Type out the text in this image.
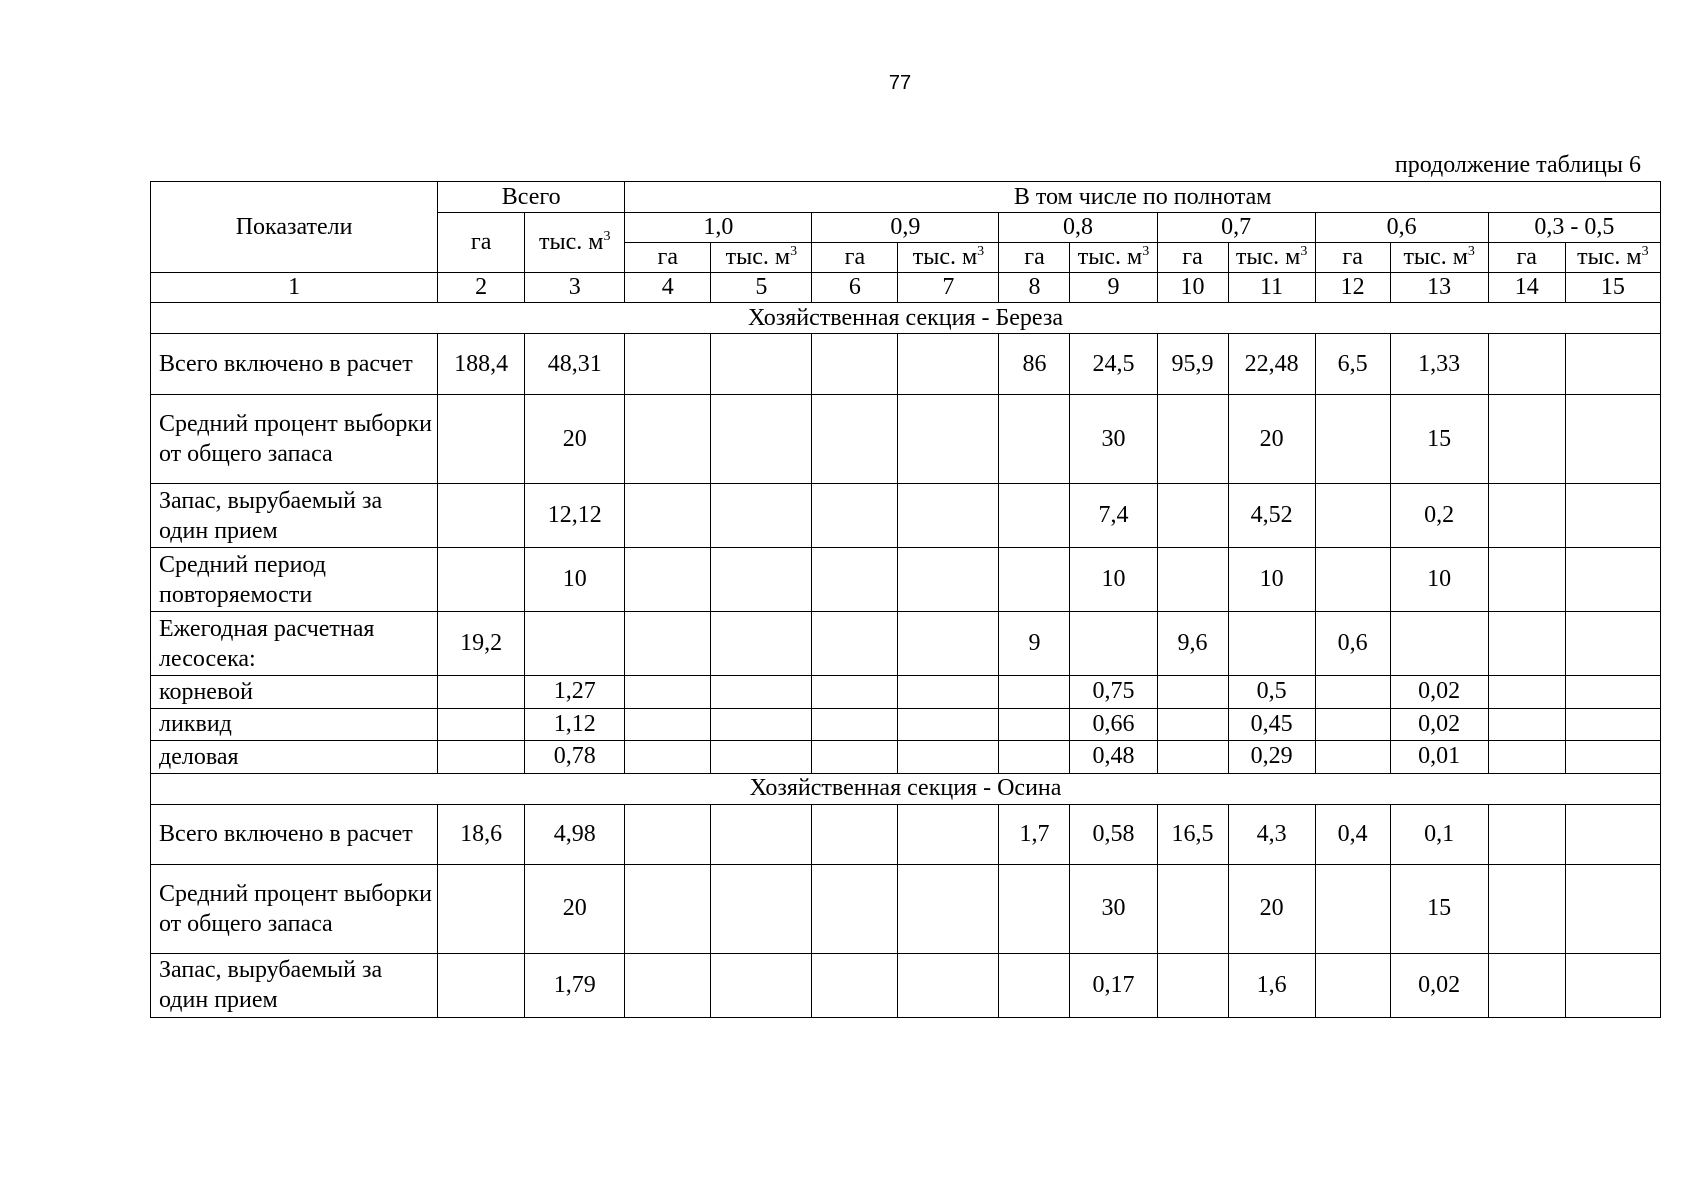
77
продолжение таблицы 6
Показатели	Всего		В том числе по полнотам											
	га	тыс. $м^3$	1,0		0,9		0,8		0,7		0,6		0,3 - 0,5	
			га	тыс. $м^3$	га	тыс. $м^3$	га	тыс. $м^3$	га	тыс. $м^3$	га	тыс. $м^3$	га	тыс. $м^3$
1	2	3	4	5	6	7	8	9	10	11	12	13	14	15
Хозяйственная секция - Береза														
Всего включено в расчет	188,4	48,31					86	24,5	95,9	22,48	6,5	1,33		
Средний процент выборки от общего запаса		20						30		20		15		
Запас, вырубаемый за один прием		12,12						7,4		4,52		0,2		
Средний период повторяемости		10						10		10		10		
Ежегодная расчетная лесосека:	19,2						9		9,6		0,6			
корневой		1,27						0,75		0,5		0,02		
ликвид		1,12						0,66		0,45		0,02		
деловая		0,78						0,48		0,29		0,01		
Хозяйственная секция - Осина														
Всего включено в расчет	18,6	4,98					1,7	0,58	16,5	4,3	0,4	0,1		
Средний процент выборки от общего запаса		20						30		20		15		
Запас, вырубаемый за один прием		1,79						0,17		1,6		0,02		
